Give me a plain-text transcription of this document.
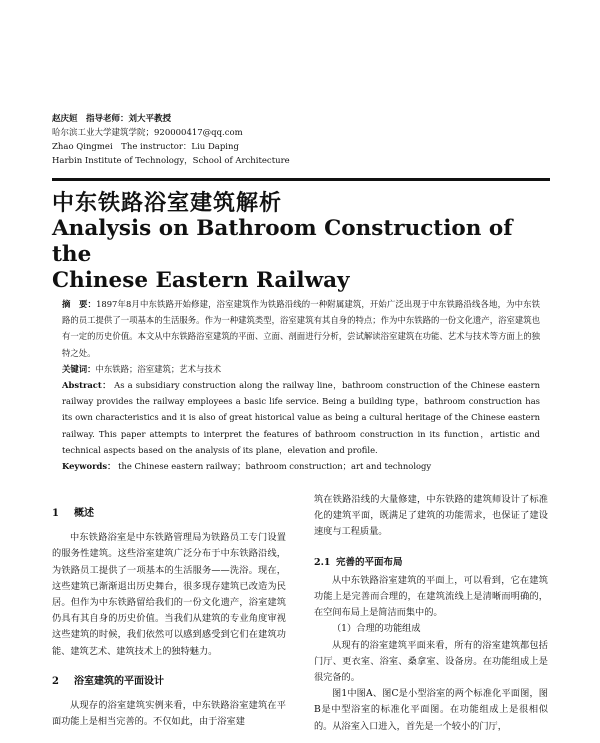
赵庆姮　指导老师：刘大平教授
哈尔滨工业大学建筑学院；920000417@qq.com
Zhao Qingmei　The instructor：Liu Daping
Harbin Institute of Technology，School of Architecture
中东铁路浴室建筑解析
Analysis on Bathroom Construction of the
Chinese Eastern Railway

摘　要：1897年8月中东铁路开始修建，浴室建筑作为铁路沿线的一种附属建筑，开始广泛出现于中东铁路沿线各地，为中东铁路的员工提供了一项基本的生活服务。作为一种建筑类型，浴室建筑有其自身的特点；作为中东铁路的一份文化遗产，浴室建筑也有一定的历史价值。本文从中东铁路浴室建筑的平面、立面、剖面进行分析，尝试解读浴室建筑在功能、艺术与技术等方面上的独特之处。

关键词：中东铁路；浴室建筑；艺术与技术

Abstract： As a subsidiary construction along the railway line，bathroom construction of the Chinese eastern railway provides the railway employees a basic life service. Being a building type，bathroom construction has its own characteristics and it is also of great historical value as being a cultural heritage of the Chinese eastern railway. This paper attempts to interpret the features of bathroom construction in its function，artistic and technical aspects based on the analysis of its plane，elevation and profile.

Keywords： the Chinese eastern railway；bathroom construction；art and technology

1 概述

中东铁路浴室是中东铁路管理局为铁路员工专门设置的服务性建筑。这些浴室建筑广泛分布于中东铁路沿线，为铁路员工提供了一项基本的生活服务——洗浴。现在，这些建筑已渐渐退出历史舞台，很多现存建筑已改造为民居。但作为中东铁路留给我们的一份文化遗产，浴室建筑仍具有其自身的历史价值。当我们从建筑的专业角度审视这些建筑的时候，我们依然可以感到感受到它们在建筑功能、建筑艺术、建筑技术上的独特魅力。

2 浴室建筑的平面设计

从现存的浴室建筑实例来看，中东铁路浴室建筑在平面功能上是相当完善的。不仅如此，由于浴室建

筑在铁路沿线的大量修建，中东铁路的建筑师设计了标准化的建筑平面，既满足了建筑的功能需求，也保证了建设速度与工程质量。

2.1 完善的平面布局

从中东铁路浴室建筑的平面上，可以看到，它在建筑功能上是完善而合理的，在建筑流线上是清晰而明确的，在空间布局上是简洁而集中的。

（1）合理的功能组成

从现有的浴室建筑平面来看，所有的浴室建筑都包括门厅、更衣室、浴室、桑拿室、设备房。在功能组成上是很完备的。

图1中图A、图C是小型浴室的两个标准化平面图，图B是中型浴室的标准化平面图。在功能组成上是很相似的。从浴室入口进入，首先是一个较小的门厅，
